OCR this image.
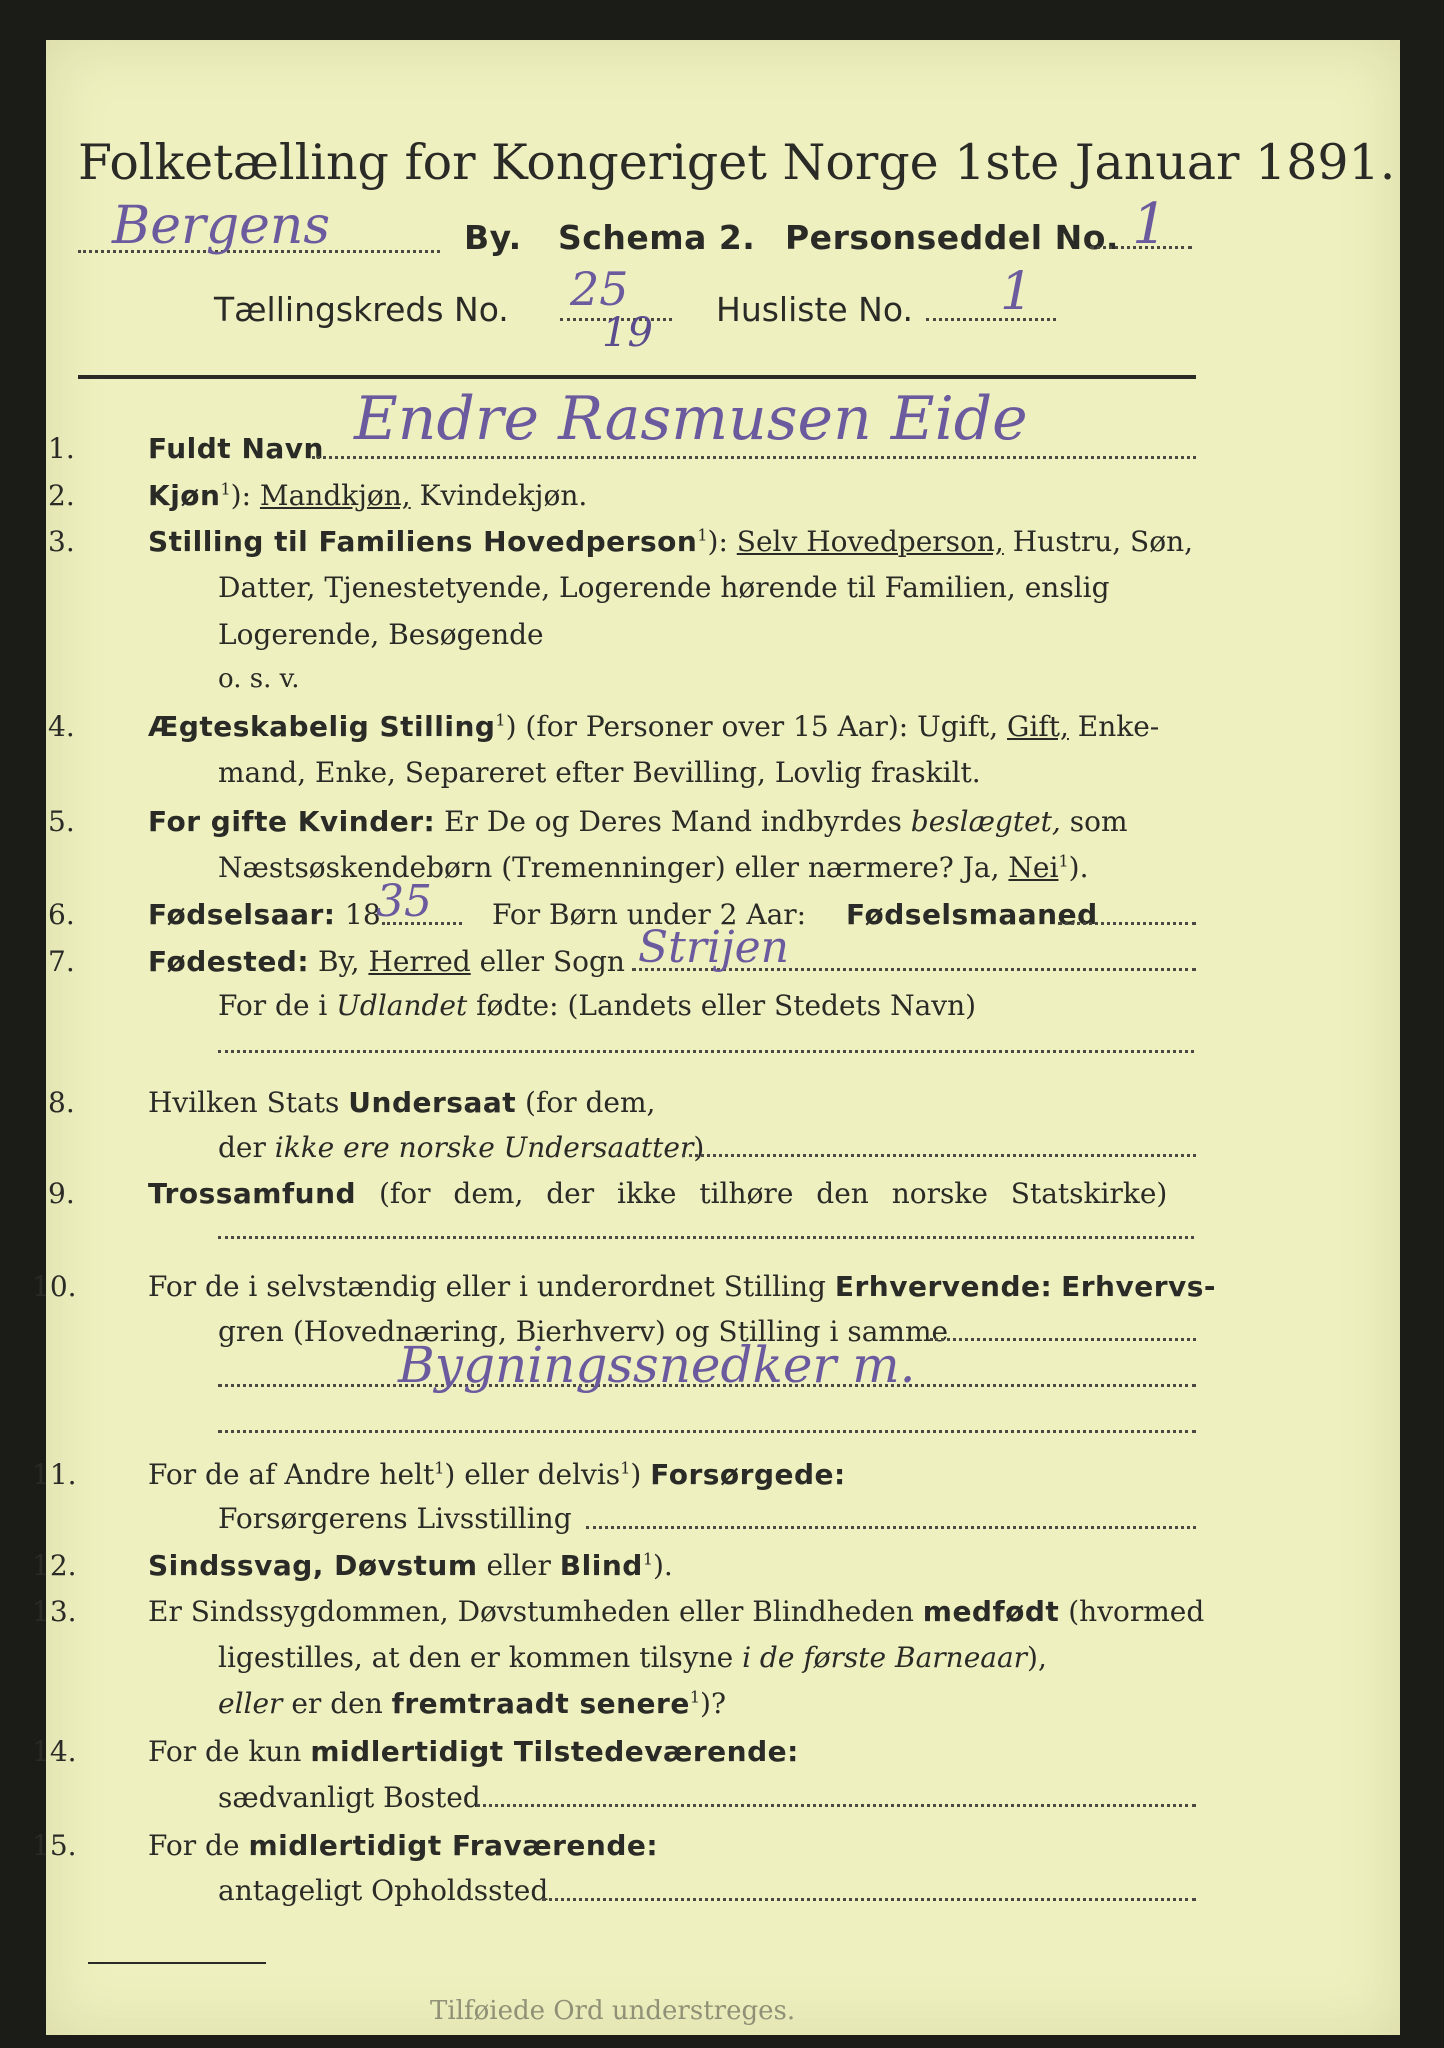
Folketælling for Kongeriget Norge 1ste Januar 1891.
Bergens	By. Schema 2. Personseddel No. 1
Tællingskreds No. 25
19
Husliste No. 1
1.	Fuldt Navn Endre Rasmusen Eide
2.	Kjøn$^1$): Mandkjøn, Kvindekjøn.
3.	Stilling til Familiens Hovedperson$^1$): Selv Hovedperson, Hustru, Søn,
Datter, Tjenestetyende, Logerende hørende til Familien, enslig
Logerende, Besøgende
o. s. v.
4.	Ægteskabelig Stilling$^1$) (for Personer over 15 Aar): Ugift, Gift, Enke-
mand, Enke, Separeret efter Bevilling, Lovlig fraskilt.
5.	For gifte Kvinder: Er De og Deres Mand indbyrdes beslægtet, som
Næstsøskendebørn (Tremenninger) eller nærmere? Ja, Nei$^1$).
6.	Fødselsaar: 18
35 For Børn under 2 Aar: Fødselsmaaned
7.	Fødested: By, Herred eller Sogn Strijen
For de i Udlandet fødte: (Landets eller Stedets Navn)
8.	Hvilken Stats Undersaat (for dem,
der ikke ere norske Undersaatter)
9.	Trossamfund (for dem, der ikke tilhøre den norske Statskirke)
10.	For de i selvstændig eller i underordnet Stilling Erhvervende: Erhvervs-
gren (Hovednæring, Bierhverv) og Stilling i samme
Bygningssnedker m.
11.	For de af Andre helt$^1$) eller delvis$^1$) Forsørgede:
Forsørgerens Livsstilling
12.	Sindssvag, Døvstum eller Blind$^1$).
13.	Er Sindssygdommen, Døvstumheden eller Blindheden medfødt (hvormed
ligestilles, at den er kommen tilsyne i de første Barneaar),
eller er den fremtraadt senere$^1$)?
14.	For de kun midlertidigt Tilstedeværende:
sædvanligt Bosted
15.	For de midlertidigt Fraværende:
antageligt Opholdssted
Tilføiede Ord understreges.
